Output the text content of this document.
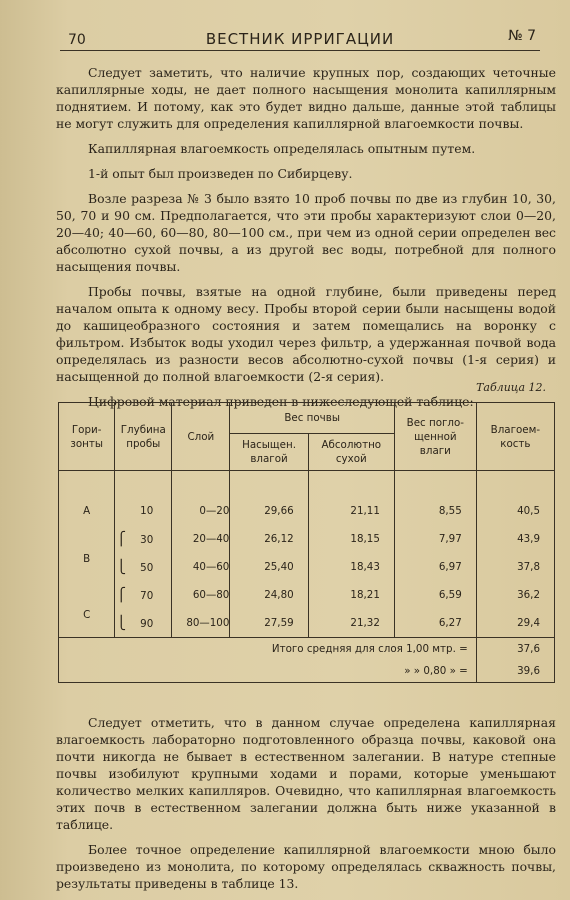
70	ВЕСТНИК ИРРИГАЦИИ	№ 7

Следует заметить, что наличие крупных пор, создающих четочные капиллярные ходы, не дает полного насыщения монолита капиллярным поднятием. И потому, как это будет видно дальше, данные этой таблицы не могут служить для определения капиллярной влагоемкости почвы.

Капиллярная влагоемкость определялась опытным путем.

1-й опыт был произведен по Сибирцеву.

Возле разреза № 3 было взято 10 проб почвы по две из глубин 10, 30, 50, 70 и 90 см. Предполагается, что эти пробы характеризуют слои 0—20, 20—40; 40—60, 60—80, 80—100 см., при чем из одной серии определен вес абсолютно сухой почвы, а из другой вес воды, потребной для полного насыщения почвы.

Пробы почвы, взятые на одной глубине, были приведены перед началом опыта к одному весу. Пробы второй серии были насыщены водой до кашицеобразного состояния и затем помещались на воронку с фильтром. Избыток воды уходил через фильтр, а удержанная почвой вода определялась из разности весов абсолютно-сухой почвы (1-я серия) и насыщенной до полной влагоемкости (2-я серия).

Цифровой материал приведен в нижеследующей таблице:

Таблица 12.
Гори-
зонты	Глубина
пробы	Слой	Вес почвы		Вес погло-
щенной
влаги	Влагоем-
кость
			Насыщен.
влагой	Абсолютно
сухой		
A	10	0—20	29,66	21,11	8,55	40,5
	⎧ 30	20—40	26,12	18,15	7,97	43,9
B	⎩ 50	40—60	25,40	18,43	6,97	37,8
	⎧ 70	60—80	24,80	18,21	6,59	36,2
C	⎩ 90	80—100	27,59	21,32	6,27	29,4
Итого средняя для слоя 1,00 мтр. =						37,6
» » 0,80 » =						39,6

Следует отметить, что в данном случае определена капиллярная влагоемкость лабораторно подготовленного образца почвы, каковой она почти никогда не бывает в естественном залегании. В натуре степные почвы изобилуют крупными ходами и порами, которые уменьшают количество мелких капилляров. Очевидно, что капиллярная влагоемкость этих почв в естественном залегании должна быть ниже указанной в таблице.

Более точное определение капиллярной влагоемкости мною было произведено из монолита, по которому определялась скважность почвы, результаты приведены в таблице 13.
